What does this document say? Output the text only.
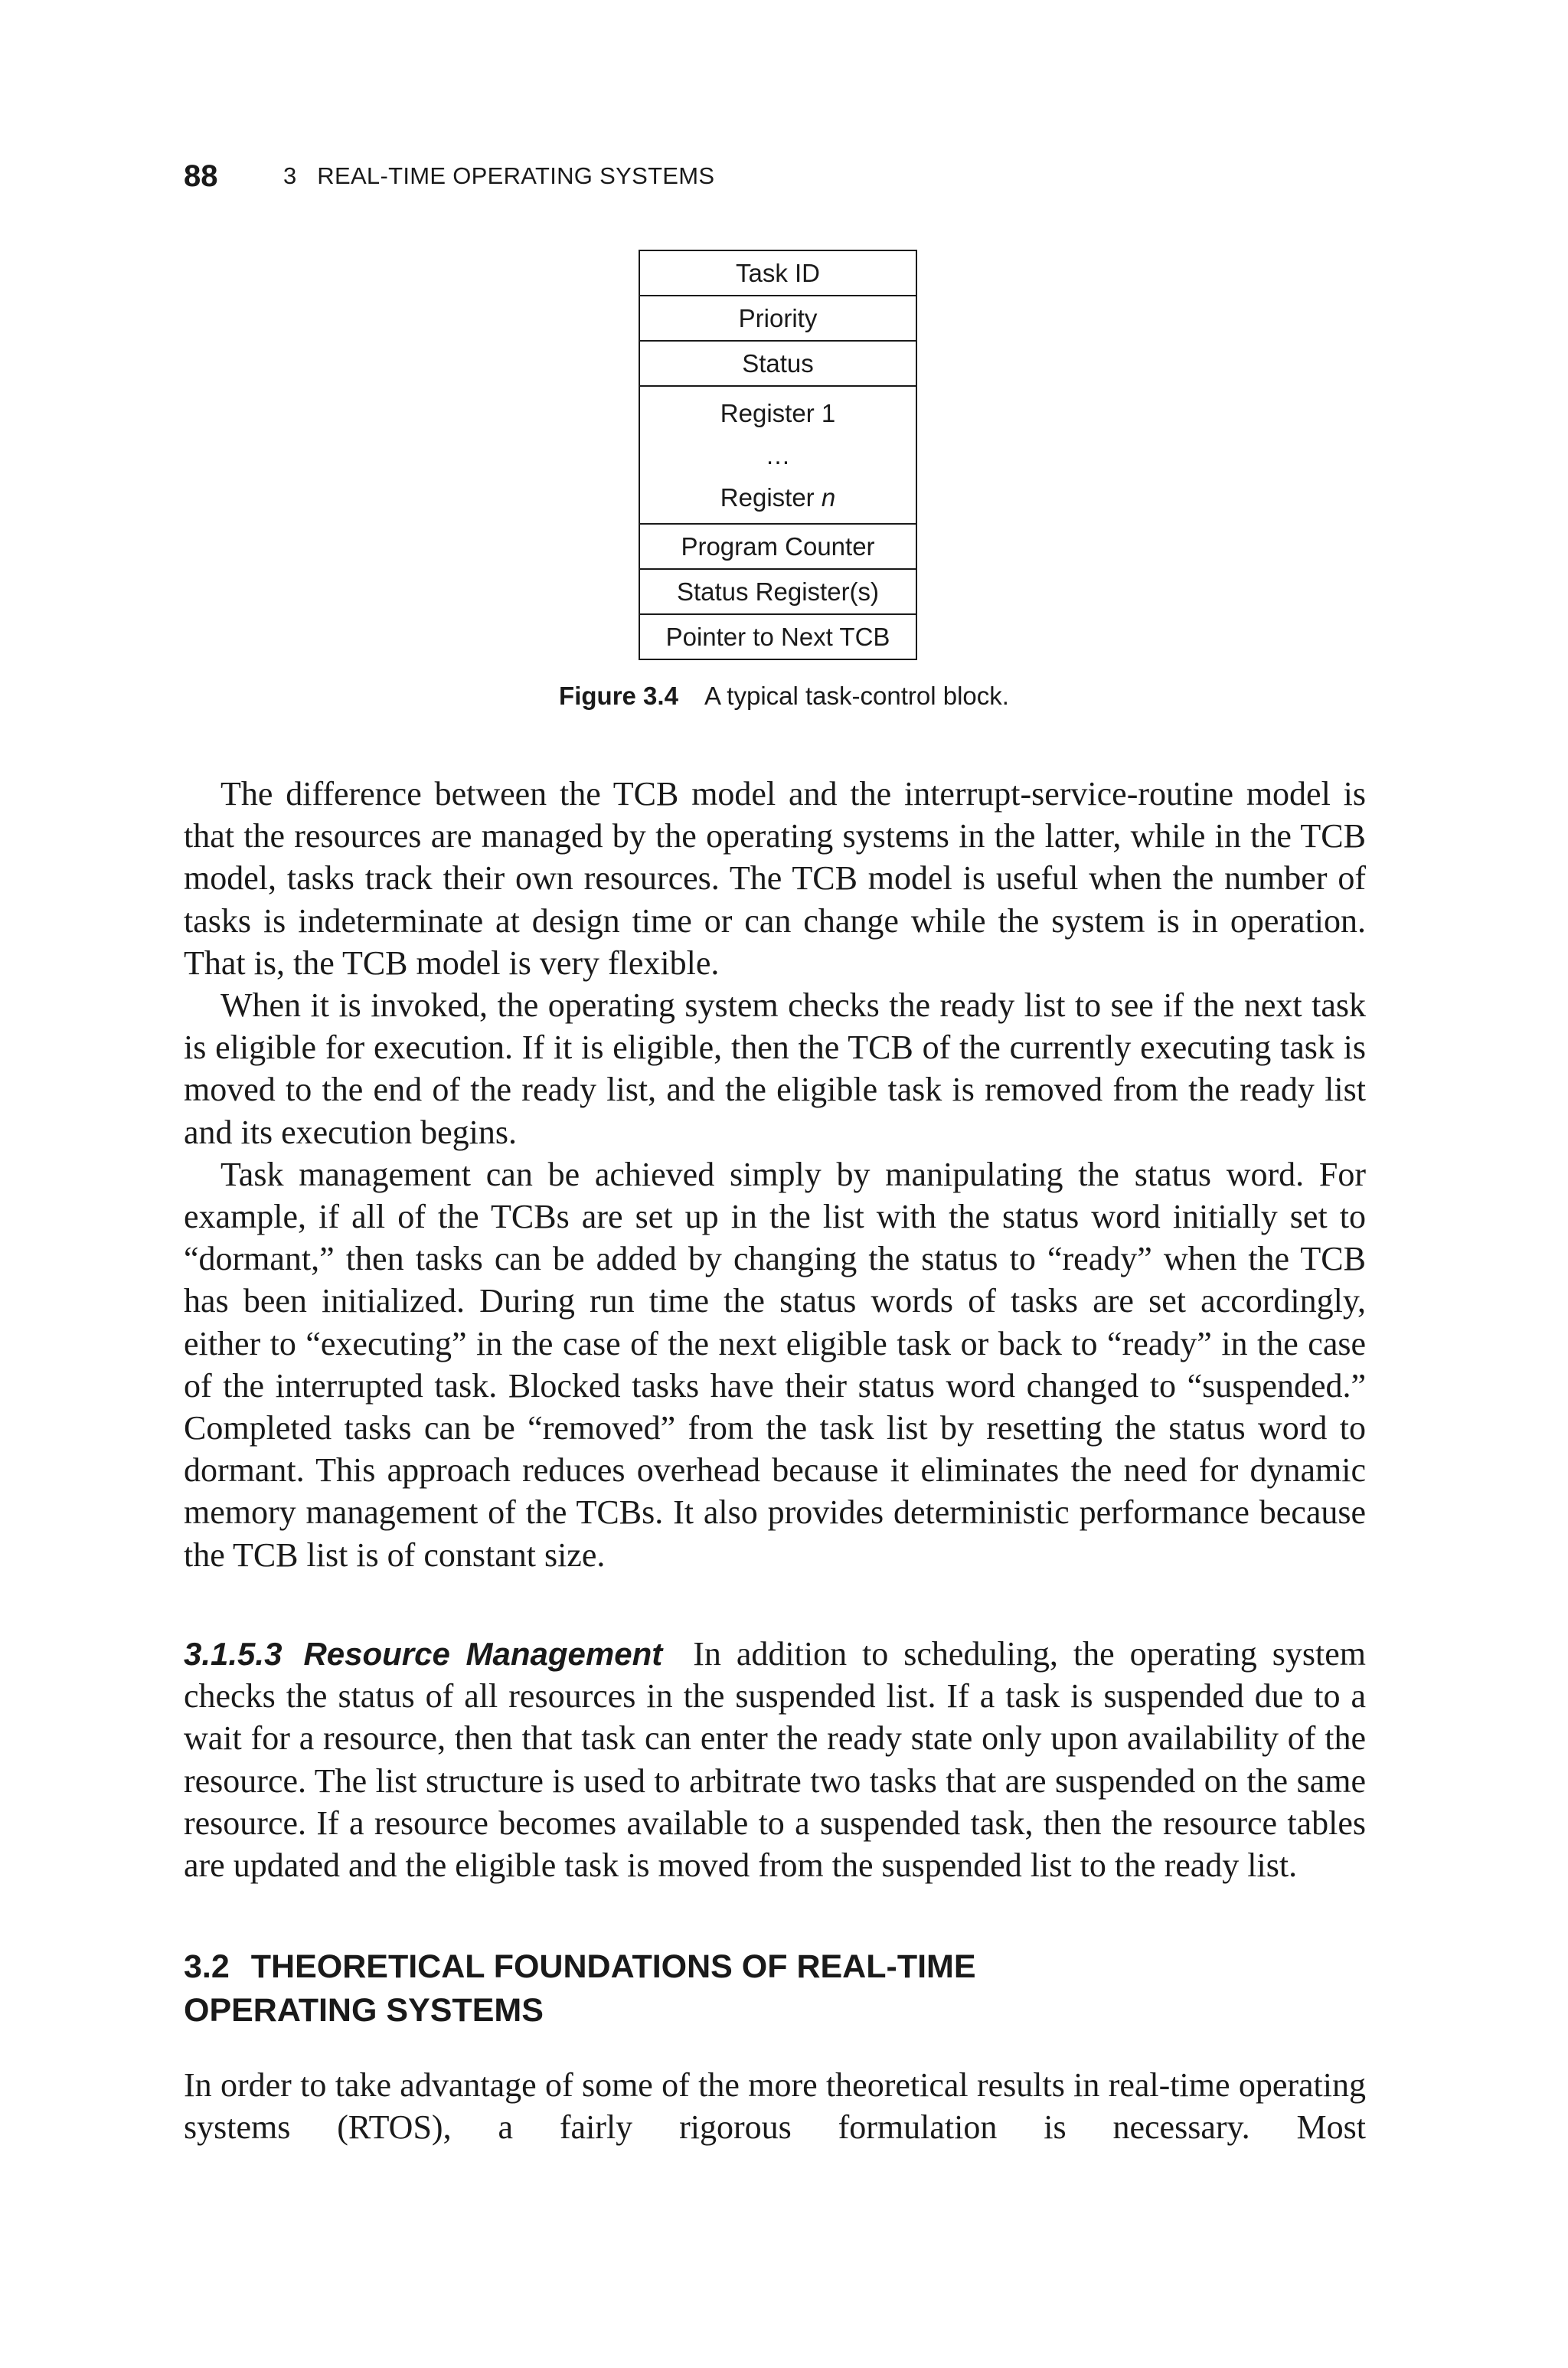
88	3   REAL-TIME OPERATING SYSTEMS
Task ID
Priority
Status
Register 1
…
Register n
Program Counter
Status Register(s)
Pointer to Next TCB
Figure 3.4 A typical task-control block.

The difference between the TCB model and the interrupt-service-routine model is that the resources are managed by the operating systems in the latter, while in the TCB model, tasks track their own resources. The TCB model is useful when the number of tasks is indeterminate at design time or can change while the system is in operation. That is, the TCB model is very flexible.

When it is invoked, the operating system checks the ready list to see if the next task is eligible for execution. If it is eligible, then the TCB of the currently executing task is moved to the end of the ready list, and the eligible task is removed from the ready list and its execution begins.

Task management can be achieved simply by manipulating the status word. For example, if all of the TCBs are set up in the list with the status word initially set to “dormant,” then tasks can be added by changing the status to “ready” when the TCB has been initialized. During run time the status words of tasks are set accordingly, either to “executing” in the case of the next eligible task or back to “ready” in the case of the interrupted task. Blocked tasks have their status word changed to “suspended.” Completed tasks can be “removed” from the task list by resetting the status word to dormant. This approach reduces overhead because it eliminates the need for dynamic memory management of the TCBs. It also provides deterministic performance because the TCB list is of constant size.

3.1.5.3 Resource Management In addition to scheduling, the operating system checks the status of all resources in the suspended list. If a task is suspended due to a wait for a resource, then that task can enter the ready state only upon availability of the resource. The list structure is used to arbitrate two tasks that are suspended on the same resource. If a resource becomes available to a suspended task, then the resource tables are updated and the eligible task is moved from the suspended list to the ready list.

3.2 THEORETICAL FOUNDATIONS OF REAL-TIME
OPERATING SYSTEMS

In order to take advantage of some of the more theoretical results in real-time operating systems (RTOS), a fairly rigorous formulation is necessary. Most
